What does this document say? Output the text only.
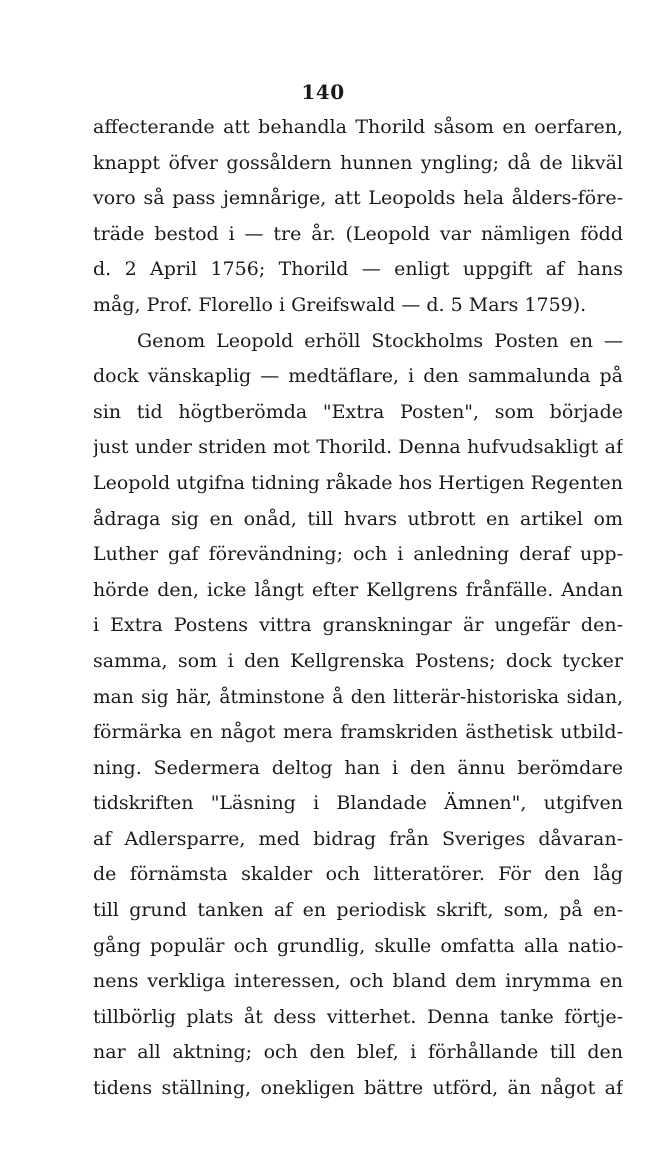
140
affecterande att behandla Thorild såsom en oerfaren,
knappt öfver gossåldern hunnen yngling; då de likväl
voro så pass jemnårige, att Leopolds hela ålders-före-
träde bestod i — tre år. (Leopold var nämligen född
d. 2 April 1756; Thorild — enligt uppgift af hans
måg, Prof. Florello i Greifswald — d. 5 Mars 1759).
Genom Leopold erhöll Stockholms Posten en —
dock vänskaplig — medtäflare, i den sammalunda på
sin tid högtberömda "Extra Posten", som började
just under striden mot Thorild. Denna hufvudsakligt af
Leopold utgifna tidning råkade hos Hertigen Regenten
ådraga sig en onåd, till hvars utbrott en artikel om
Luther gaf förevändning; och i anledning deraf upp-
hörde den, icke långt efter Kellgrens frånfälle. Andan
i Extra Postens vittra granskningar är ungefär den-
samma, som i den Kellgrenska Postens; dock tycker
man sig här, åtminstone å den litterär-historiska sidan,
förmärka en något mera framskriden ästhetisk utbild-
ning. Sedermera deltog han i den ännu berömdare
tidskriften "Läsning i Blandade Ämnen", utgifven
af Adlersparre, med bidrag från Sveriges dåvaran-
de förnämsta skalder och litteratörer. För den låg
till grund tanken af en periodisk skrift, som, på en-
gång populär och grundlig, skulle omfatta alla natio-
nens verkliga interessen, och bland dem inrymma en
tillbörlig plats åt dess vitterhet. Denna tanke förtje-
nar all aktning; och den blef, i förhållande till den
tidens ställning, onekligen bättre utförd, än något af
